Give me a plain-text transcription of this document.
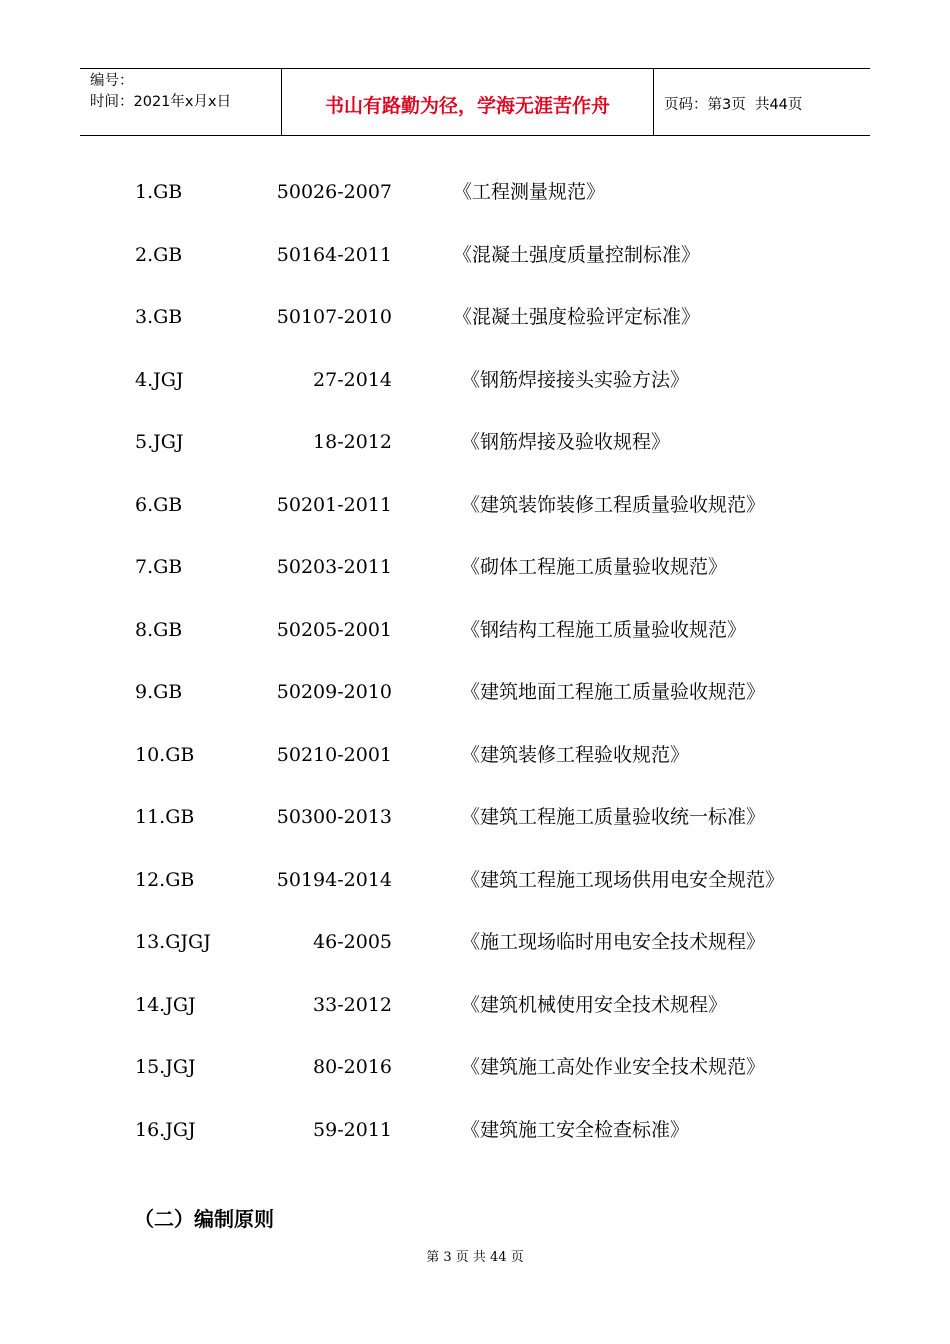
编号：
时间：2021年x月x日	书山有路勤为径，学海无涯苦作舟	页码：第3页  共44页
1.GB	50026-2007	《工程测量规范》
2.GB	50164-2011	《混凝土强度质量控制标准》
3.GB	50107-2010	《混凝土强度检验评定标准》
4.JGJ	27-2014	《钢筋焊接接头实验方法》
5.JGJ	18-2012	《钢筋焊接及验收规程》
6.GB	50201-2011	《建筑装饰装修工程质量验收规范》
7.GB	50203-2011	《砌体工程施工质量验收规范》
8.GB	50205-2001	《钢结构工程施工质量验收规范》
9.GB	50209-2010	《建筑地面工程施工质量验收规范》
10.GB	50210-2001	《建筑装修工程验收规范》
11.GB	50300-2013	《建筑工程施工质量验收统一标准》
12.GB	50194-2014	《建筑工程施工现场供用电安全规范》
13.GJGJ	46-2005	《施工现场临时用电安全技术规程》
14.JGJ	33-2012	《建筑机械使用安全技术规程》
15.JGJ	80-2016	《建筑施工高处作业安全技术规范》
16.JGJ	59-2011	《建筑施工安全检查标准》
（二）编制原则
第 3 页 共 44 页
